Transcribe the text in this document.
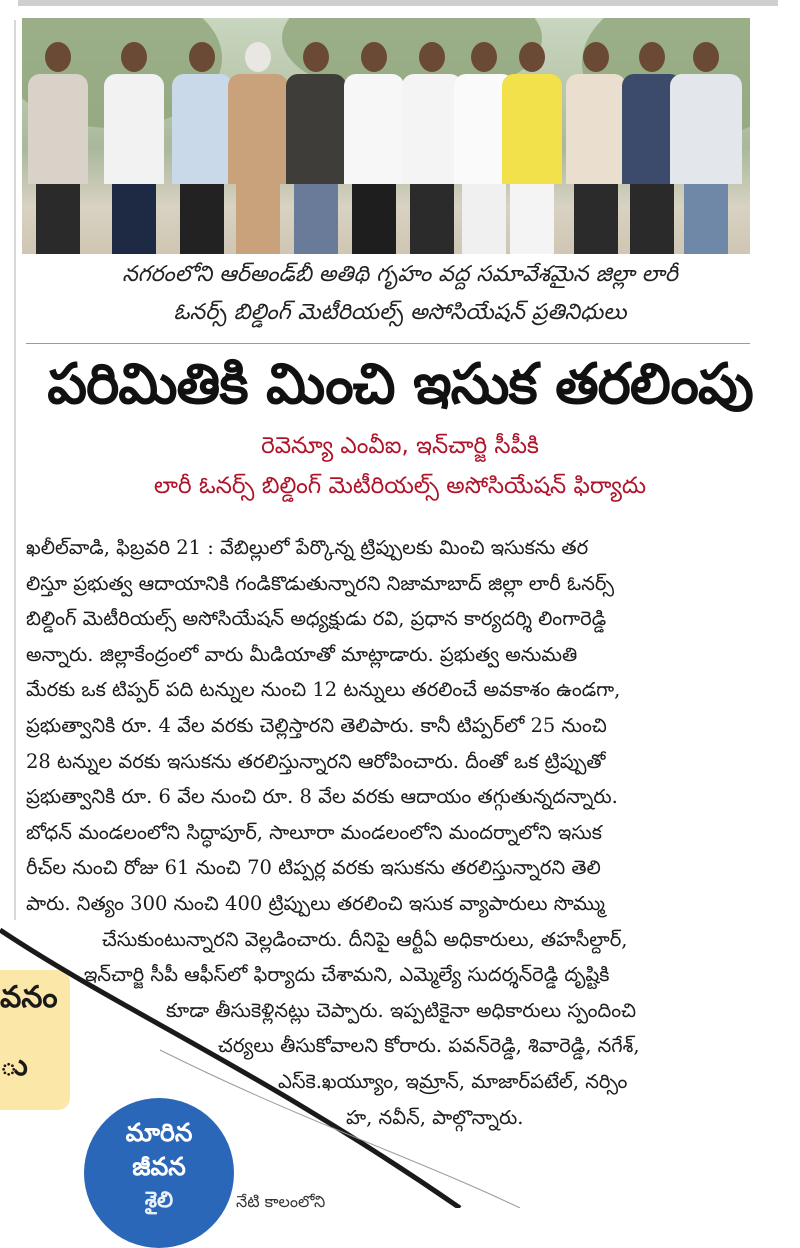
నగరంలోని ఆర్‌అండ్‌బీ అతిథి గృహం వద్ద సమావేశమైన జిల్లా లారీ
ఓనర్స్ బిల్డింగ్ మెటీరియల్స్ అసోసియేషన్ ప్రతినిధులు
పరిమితికి మించి ఇసుక తరలింపు
రెవెన్యూ ఎంవీఐ, ఇన్‌చార్జి సీపీకి
లారీ ఓనర్స్ బిల్డింగ్ మెటీరియల్స్ అసోసియేషన్ ఫిర్యాదు
ఖలీల్‌వాడి, ఫిబ్రవరి 21 : వేబిల్లులో పేర్కొన్న ట్రిప్పులకు మించి ఇసుకను తర
లిస్తూ ప్రభుత్వ ఆదాయానికి గండికొడుతున్నారని నిజామాబాద్ జిల్లా లారీ ఓనర్స్
బిల్డింగ్ మెటీరియల్స్ అసోసియేషన్ అధ్యక్షుడు రవి, ప్రధాన కార్యదర్శి లింగారెడ్డి
అన్నారు. జిల్లాకేంద్రంలో వారు మీడియాతో మాట్లాడారు. ప్రభుత్వ అనుమతి
మేరకు ఒక టిప్పర్ పది టన్నుల నుంచి 12 టన్నులు తరలించే అవకాశం ఉండగా,
ప్రభుత్వానికి రూ. 4 వేల వరకు చెల్లిస్తారని తెలిపారు. కానీ టిప్పర్‌లో 25 నుంచి
28 టన్నుల వరకు ఇసుకను తరలిస్తున్నారని ఆరోపించారు. దీంతో ఒక ట్రిప్పుతో
ప్రభుత్వానికి రూ. 6 వేల నుంచి రూ. 8 వేల వరకు ఆదాయం తగ్గుతున్నదన్నారు.
బోధన్ మండలంలోని సిద్ధాపూర్, సాలూరా మండలంలోని మందర్నాలోని ఇసుక
రీచ్‌ల నుంచి రోజు 61 నుంచి 70 టిప్పర్ల వరకు ఇసుకను తరలిస్తున్నారని తెలి
పారు. నిత్యం 300 నుంచి 400 ట్రిప్పులు తరలించి ఇసుక వ్యాపారులు సొమ్ము
చేసుకుంటున్నారని వెల్లడించారు. దీనిపై ఆర్టీఏ అధికారులు, తహసీల్దార్,
ఇన్‌చార్జి సీపీ ఆఫీస్‌లో ఫిర్యాదు చేశామని, ఎమ్మెల్యే సుదర్శన్‌రెడ్డి దృష్టికి
కూడా తీసుకెళ్లినట్లు చెప్పారు. ఇప్పటికైనా అధికారులు స్పందించి
చర్యలు తీసుకోవాలని కోరారు. పవన్‌రెడ్డి, శివారెడ్డి, నగేశ్,
ఎస్‌కె.ఖయ్యూం, ఇమ్రాన్, మాజార్‌పటేల్, నర్సిం
హ, నవీన్, పాల్గొన్నారు.
వనం
ు
మారిన
జీవన
శైలి	నేటి కాలంలోని
